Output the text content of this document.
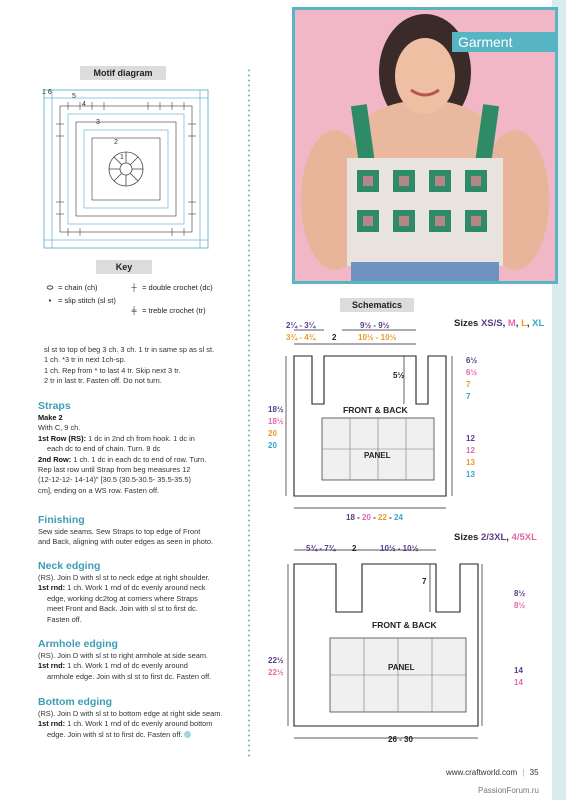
Motif diagram
1 6
4
3
2
1
5
Key
⬭ = chain (ch)
• = slip stitch (sl st)
┼ = double crochet (dc)
╪ = treble crochet (tr)

sl st to top of beg 3 ch. 3 ch. 1 tr in same sp as sl st.

1 ch. *3 tr in next 1ch-sp.

1 ch. Rep from * to last 4 tr. Skip next 3 tr.

2 tr in last tr. Fasten off. Do not turn.

Straps

Make 2

With C, 9 ch.

1st Row (RS): 1 dc in 2nd ch from hook. 1 dc in

each dc to end of chain. Turn. 8 dc

2nd Row: 1 ch. 1 dc in each dc to end of row. Turn.

Rep last row until Strap from beg measures 12

(12-12-12- 14-14)" [30.5 (30.5-30.5- 35.5-35.5)

cm], ending on a WS row. Fasten off.

Finishing

Sew side seams. Sew Straps to top edge of Front

and Back, aligning with outer edges as seen in photo.

Neck edging

(RS). Join D with sl st to neck edge at right shoulder.

1st rnd: 1 ch. Work 1 rnd of dc evenly around neck

edge, working dc2tog at corners where Straps

meet Front and Back. Join with sl st to first dc.

Fasten off.

Armhole edging

(RS). Join D with sl st to right armhole at side seam.

1st rnd: 1 ch. Work 1 rnd of dc evenly around

armhole edge. Join with sl st to first dc. Fasten off.

Bottom edging

(RS). Join D with sl st to bottom edge at right side seam.

1st rnd: 1 ch. Work 1 rnd of dc evenly around bottom

edge. Join with sl st to first dc. Fasten off.

Garment
Schematics
Sizes XS/S, M, L, XL
2¼ - 3¼
3¾ - 4¾ 2
9½ - 9½
10½ - 10½
5½
18½
18½
20
20
6½
6½
7
7
12
12
13
13
FRONT & BACK
PANEL
18 - 20 - 22 - 24
Sizes 2/3XL, 4/5XL
5¾ - 7¾ 2	10½ - 10½
7
8½
8½
22½
22½	14
14
FRONT & BACK
PANEL
26 - 30
www.craftworld.com | 35
PassionForum.ru
